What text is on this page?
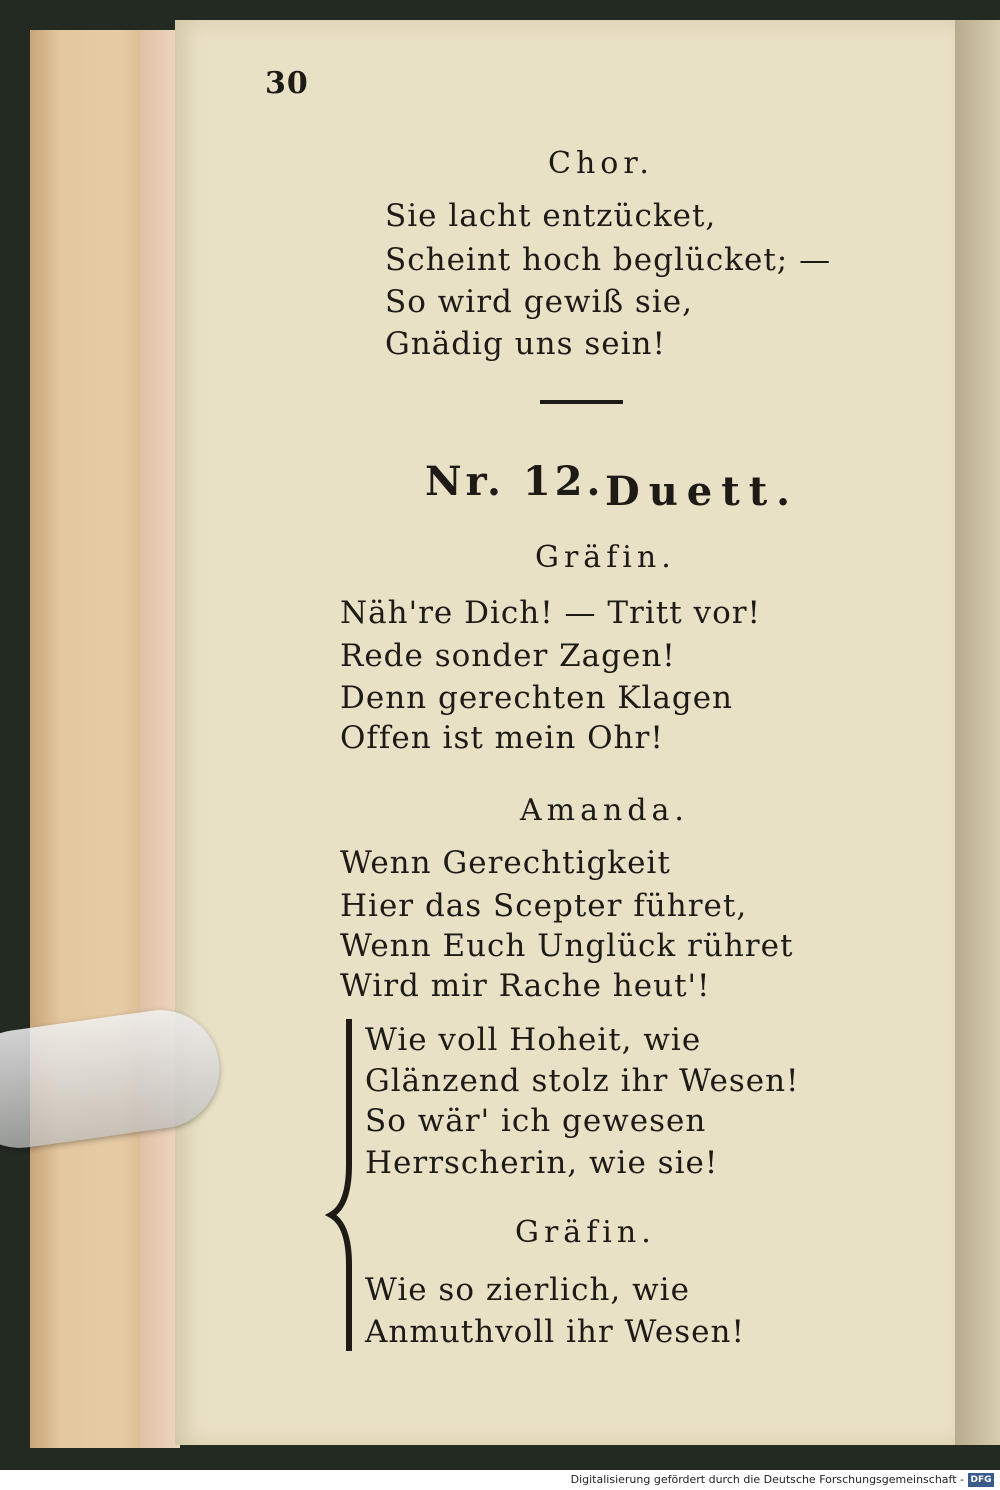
30
Chor.
Sie lacht entzücket,
Scheint hoch beglücket; —
So wird gewiß sie,
Gnädig uns sein!
Nr. 12. Duett.
Gräfin.
Näh're Dich! — Tritt vor!
Rede sonder Zagen!
Denn gerechten Klagen
Offen ist mein Ohr!
Amanda.
Wenn Gerechtigkeit
Hier das Scepter führet,
Wenn Euch Unglück rühret
Wird mir Rache heut'!
Wie voll Hoheit, wie
Glänzend stolz ihr Wesen!
So wär' ich gewesen
Herrscherin, wie sie!
Gräfin.
Wie so zierlich, wie
Anmuthvoll ihr Wesen!
Digitalisierung gefördert durch die Deutsche Forschungsgemeinschaft - DFG
